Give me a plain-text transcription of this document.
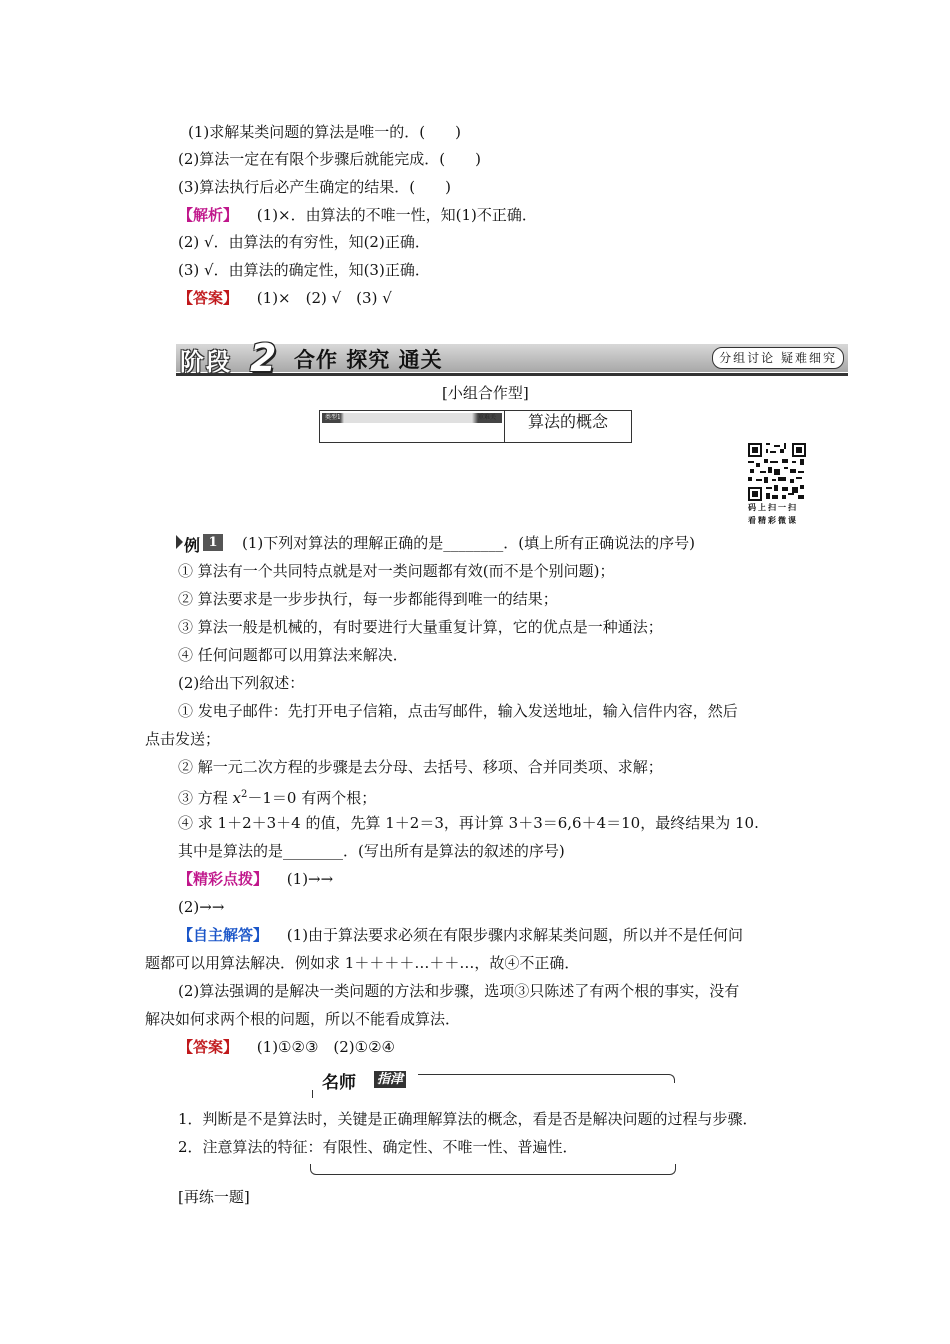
(1)求解某类问题的算法是唯一的．(　　)
(2)算法一定在有限个步骤后就能完成．(　　)
(3)算法执行后必产生确定的结果．(　　)
【解析】 (1)×．由算法的不唯一性，知(1)不正确．
(2) √．由算法的有穷性，知(2)正确．
(3) √．由算法的确定性，知(3)正确．
【答案】 (1)×　(2) √　(3) √
阶段 2 合作 探究 通关	分组讨论 疑难细究
[小组合作型]
类型1	重难关	算法的概念
码上扫一扫
看精彩微课
例 1	(1)下列对算法的理解正确的是________．(填上所有正确说法的序号)
① 算法有一个共同特点就是对一类问题都有效(而不是个别问题)；
② 算法要求是一步步执行，每一步都能得到唯一的结果；
③ 算法一般是机械的，有时要进行大量重复计算，它的优点是一种通法；
④ 任何问题都可以用算法来解决．
(2)给出下列叙述：
① 发电子邮件：先打开电子信箱，点击写邮件，输入发送地址，输入信件内容，然后
点击发送；
② 解一元二次方程的步骤是去分母、去括号、移项、合并同类项、求解；
③ 方程 $x^2-1=0$ 有两个根；
④ 求 1＋2＋3＋4 的值，先算 1＋2＝3，再计算 3＋3＝6,6＋4＝10，最终结果为 10.
其中是算法的是________．(写出所有是算法的叙述的序号)
【精彩点拨】 (1)→→
(2)→→
【自主解答】 (1)由于算法要求必须在有限步骤内求解某类问题，所以并不是任何问
题都可以用算法解决．例如求 1＋＋＋＋…＋＋…，故④不正确．
(2)算法强调的是解决一类问题的方法和步骤，选项③只陈述了有两个根的事实，没有
解决如何求两个根的问题，所以不能看成算法．
【答案】 (1)①②③　(2)①②④
名师 指津
1．判断是不是算法时，关键是正确理解算法的概念，看是否是解决问题的过程与步骤．
2．注意算法的特征：有限性、确定性、不唯一性、普遍性．
[再练一题]
